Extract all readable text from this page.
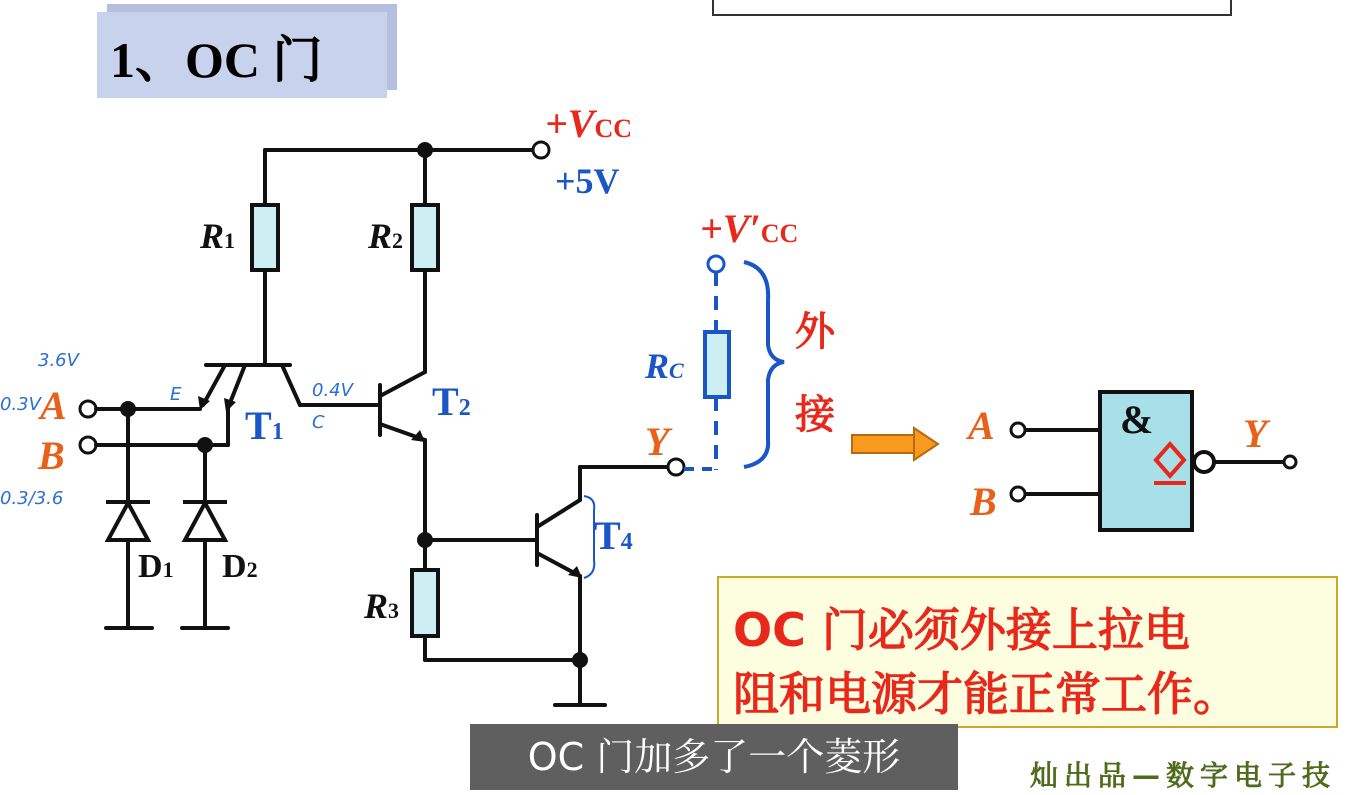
1、OC 门
+VCC
+5V
+V′CC
R1	R2
R3
RC
T1
T2
T4
D1 D2
A
B	Y
外
接	A
B
Y
&
3.6V
0.3V
0.3/3.6
E	0.4V
C
OC 门必须外接上拉电
阻和电源才能正常工作。
OC 门加多了一个菱形	灿出品—数字电子技
